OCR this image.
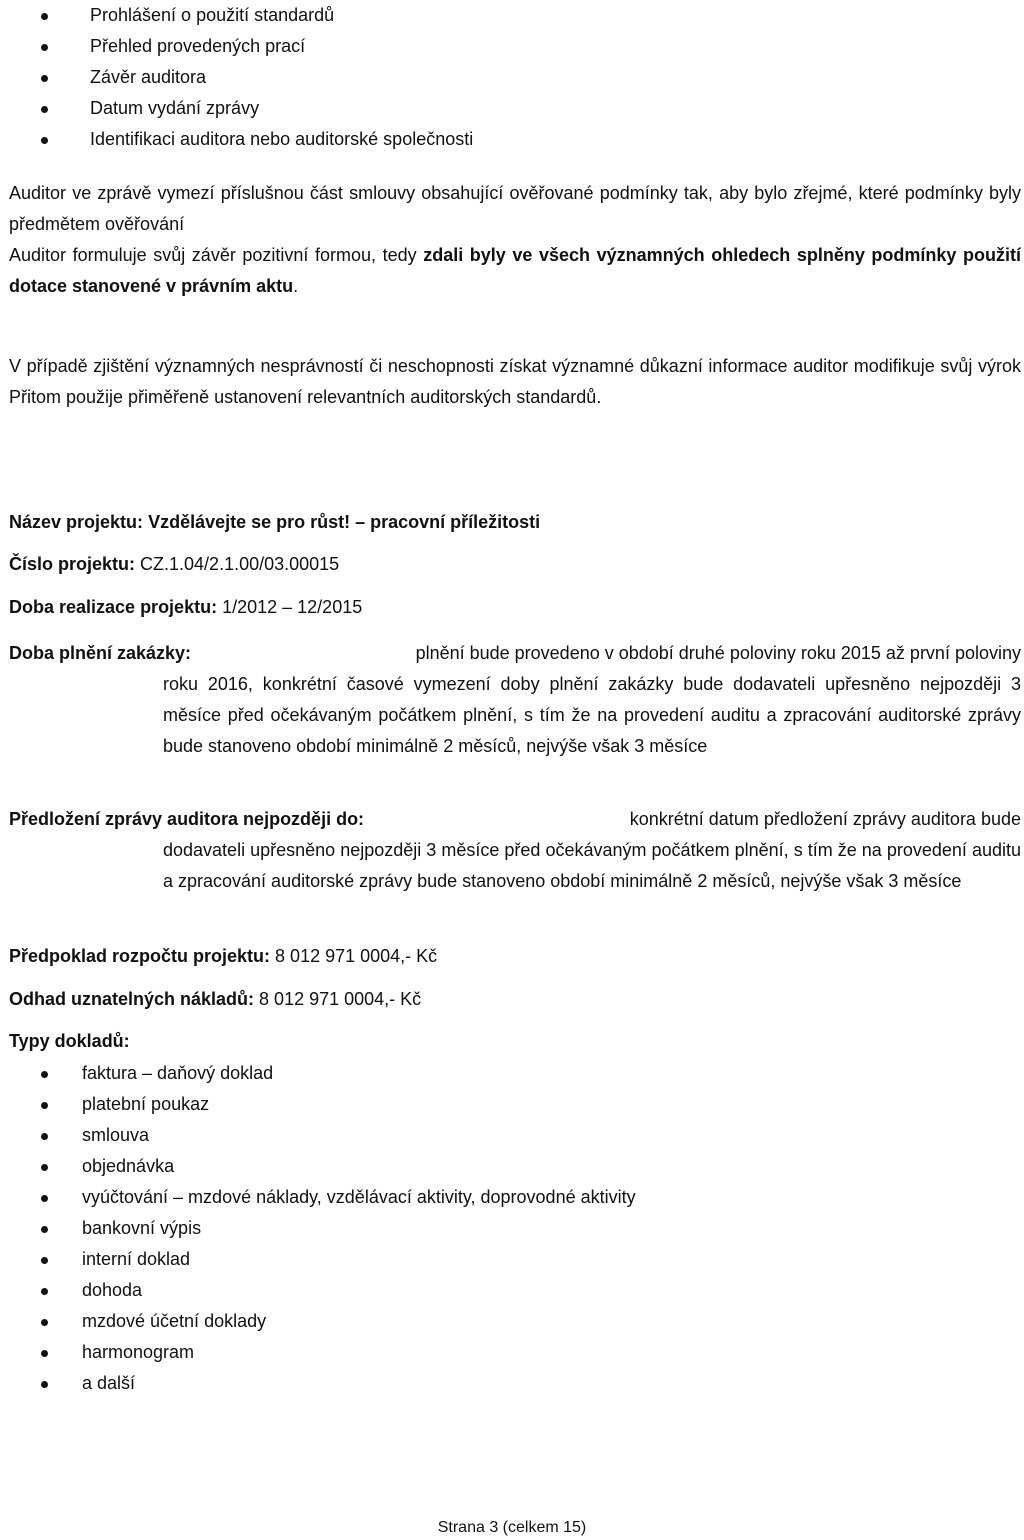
Prohlášení o použití standardů
Přehled provedených prací
Závěr auditora
Datum vydání zprávy
Identifikaci auditora nebo auditorské společnosti

Auditor ve zprávě vymezí příslušnou část smlouvy obsahující ověřované podmínky tak, aby bylo zřejmé, které podmínky byly předmětem ověřování

Auditor formuluje svůj závěr pozitivní formou, tedy zdali byly ve všech významných ohledech splněny podmínky použití dotace stanovené v právním aktu.

V případě zjištění významných nesprávností či neschopnosti získat významné důkazní informace auditor modifikuje svůj výrok Přitom použije přiměřeně ustanovení relevantních auditorských standardů.

Název projektu: Vzdělávejte se pro růst! – pracovní příležitosti
Číslo projektu: CZ.1.04/2.1.00/03.00015
Doba realizace projektu: 1/2012 – 12/2015
Doba plnění zakázky:	plnění bude provedeno v období druhé poloviny roku 2015 až první poloviny

roku 2016, konkrétní časové vymezení doby plnění zakázky bude dodavateli upřesněno nejpozději 3 měsíce před očekávaným počátkem plnění, s tím že na provedení auditu a zpracování auditorské zprávy bude stanoveno období minimálně 2 měsíců, nejvýše však 3 měsíce

Předložení zprávy auditora nejpozději do:	konkrétní datum předložení zprávy auditora bude

dodavateli upřesněno nejpozději 3 měsíce před očekávaným počátkem plnění, s tím že na provedení auditu a zpracování auditorské zprávy bude stanoveno období minimálně 2 měsíců, nejvýše však 3 měsíce

Předpoklad rozpočtu projektu: 8 012 971 0004,- Kč
Odhad uznatelných nákladů: 8 012 971 0004,- Kč
Typy dokladů:
faktura – daňový doklad
platební poukaz
smlouva
objednávka
vyúčtování – mzdové náklady, vzdělávací aktivity, doprovodné aktivity
bankovní výpis
interní doklad
dohoda
mzdové účetní doklady
harmonogram
a další
Strana 3 (celkem 15)
